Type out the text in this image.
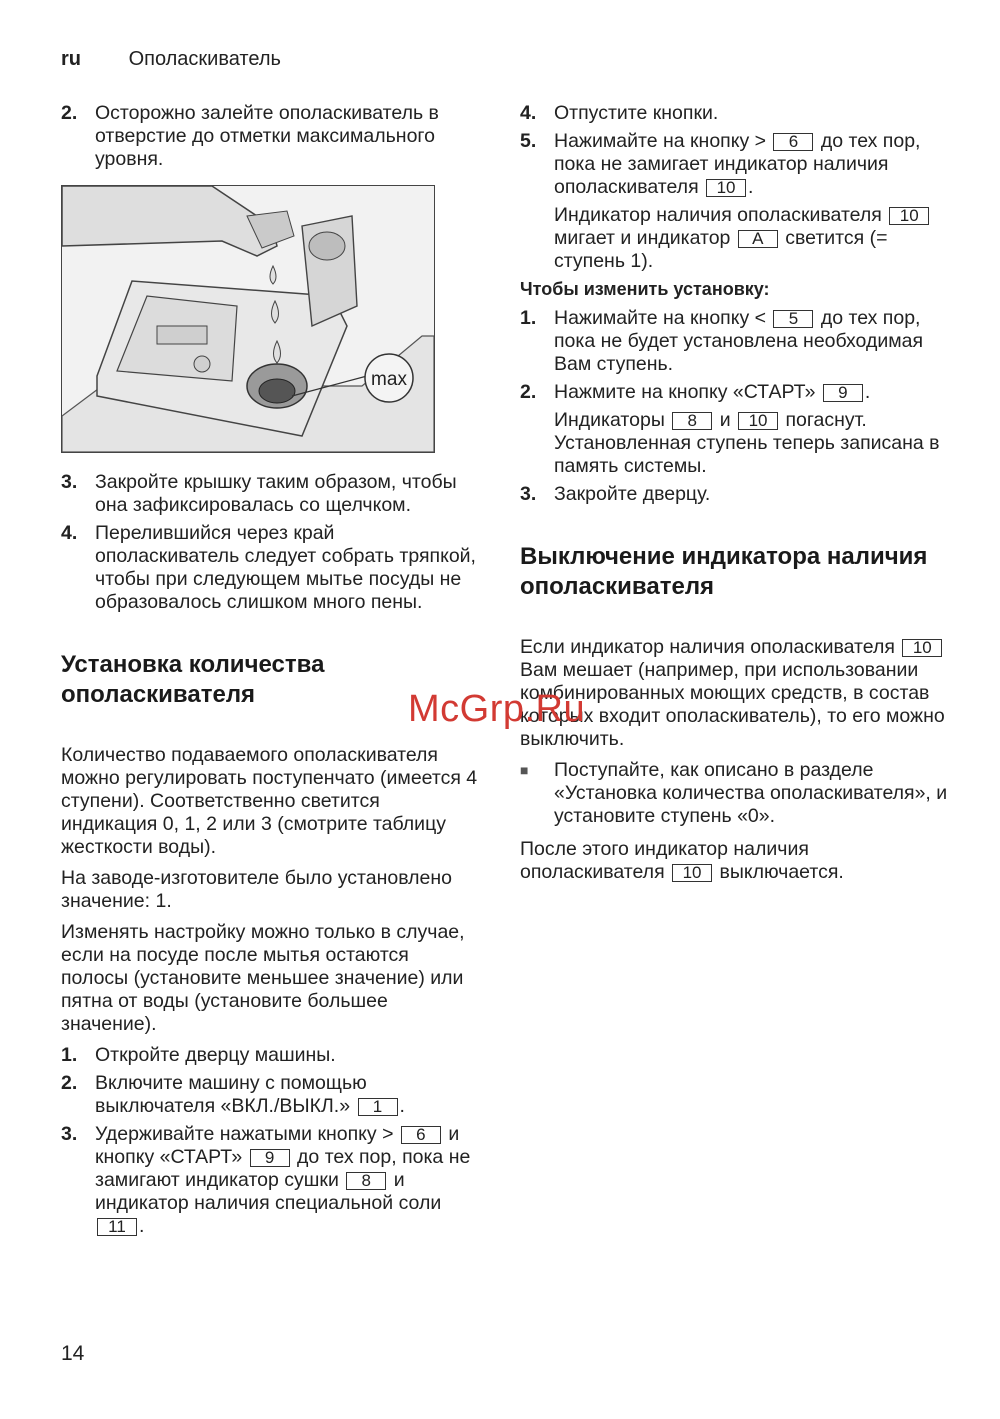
ru Ополаскиватель
2. Осторожно залейте ополаскиватель в отверстие до отметки максимального уровня.
max
3. Закройте крышку таким образом, чтобы она зафиксировалась со щелчком.
4. Перелившийся через край ополаскиватель следует собрать тряпкой, чтобы при следующем мытье посуды не образовалось слишком много пены.
Установка количества ополаскивателя
Количество подаваемого ополаскивателя можно регулировать поступенчато (имеется 4 ступени). Соответственно светится индикация 0, 1, 2 или 3 (смотрите таблицу жесткости воды).
На заводе-изготовителе было установлено значение: 1.
Изменять настройку можно только в случае, если на посуде после мытья остаются полосы (установите меньшее значение) или пятна от воды (установите большее значение).
1. Откройте дверцу машины.
2. Включите машину с помощью выключателя «ВКЛ./ВЫКЛ.» 1 .
3. Удерживайте нажатыми кнопку > 6 и кнопку «СТАРТ» 9 до тех пор, пока не замигают индикатор сушки 8 и индикатор наличия специальной соли 11 .
4. Отпустите кнопки.
5. Нажимайте на кнопку > 6 до тех пор, пока не замигает индикатор наличия ополаскивателя 10 .
Индикатор наличия ополаскивателя 10 мигает и индикатор A светится (= ступень 1).
Чтобы изменить установку:
1. Нажимайте на кнопку < 5 до тех пор, пока не будет установлена необходимая Вам ступень.
2. Нажмите на кнопку «СТАРТ» 9 .
Индикаторы 8 и 10 погаснут. Установленная ступень теперь записана в память системы.
3. Закройте дверцу.
Выключение индикатора наличия ополаскивателя
Если индикатор наличия ополаскивателя 10 Вам мешает (например, при использовании комбинированных моющих средств, в состав которых входит ополаскиватель), то его можно выключить.
■	Поступайте, как описано в разделе «Установка количества ополаскивателя», и установите ступень «0».
После этого индикатор наличия ополаскивателя 10 выключается.
McGrp.Ru
14
